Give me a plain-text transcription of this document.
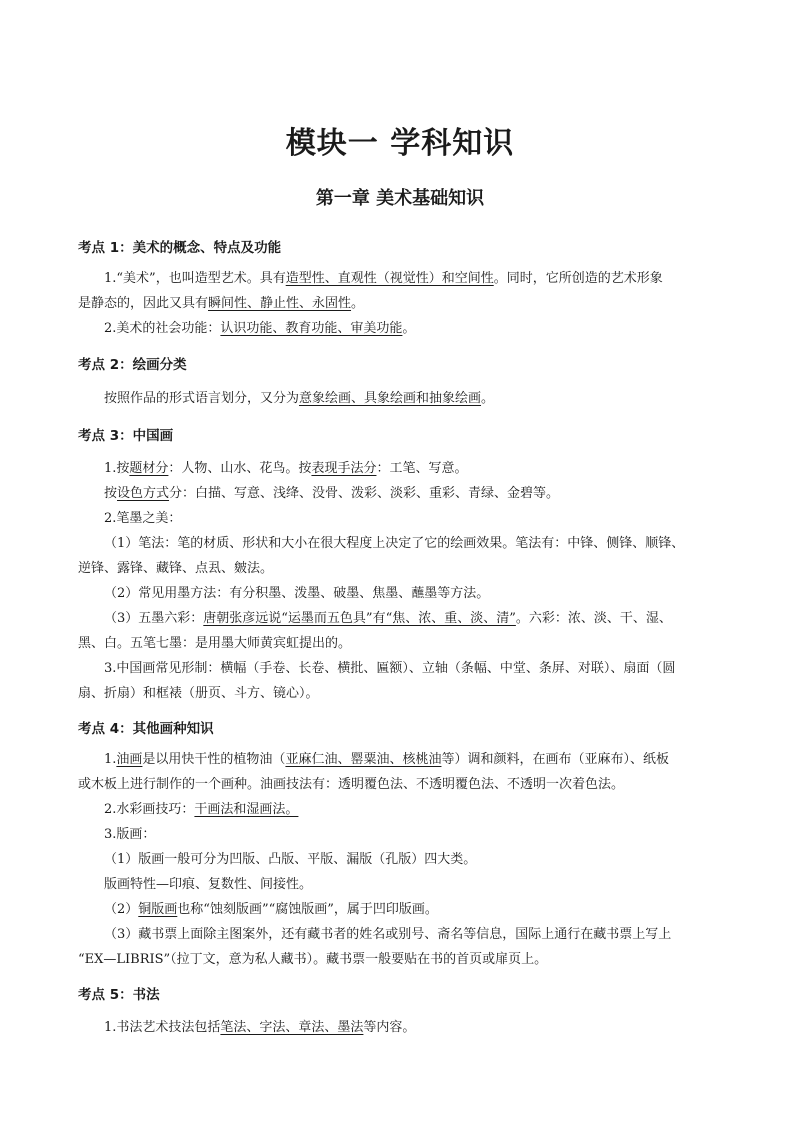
模块一 学科知识
第一章 美术基础知识
考点 1：美术的概念、特点及功能
1.“美术”，也叫造型艺术。具有造型性、直观性（视觉性）和空间性。同时，它所创造的艺术形象
是静态的，因此又具有瞬间性、静止性、永固性。
2.美术的社会功能：认识功能、教育功能、审美功能。
考点 2：绘画分类
按照作品的形式语言划分，又分为意象绘画、具象绘画和抽象绘画。
考点 3：中国画
1.按题材分：人物、山水、花鸟。按表现手法分：工笔、写意。
按设色方式分：白描、写意、浅绛、没骨、泼彩、淡彩、重彩、青绿、金碧等。
2.笔墨之美：
（1）笔法：笔的材质、形状和大小在很大程度上决定了它的绘画效果。笔法有：中锋、侧锋、顺锋、
逆锋、露锋、藏锋、点厾、皴法。
（2）常见用墨方法：有分积墨、泼墨、破墨、焦墨、蘸墨等方法。
（3）五墨六彩：唐朝张彦远说“运墨而五色具”有“焦、浓、重、淡、清”。六彩：浓、淡、干、湿、
黑、白。五笔七墨：是用墨大师黄宾虹提出的。
3.中国画常见形制：横幅（手卷、长卷、横批、匾额）、立轴（条幅、中堂、条屏、对联）、扇面（圆
扇、折扇）和框裱（册页、斗方、镜心）。
考点 4：其他画种知识
1.油画是以用快干性的植物油（亚麻仁油、罂粟油、核桃油等）调和颜料，在画布（亚麻布）、纸板
或木板上进行制作的一个画种。油画技法有：透明覆色法、不透明覆色法、不透明一次着色法。
2.水彩画技巧：干画法和湿画法。
3.版画：
（1）版画一般可分为凹版、凸版、平版、漏版（孔版）四大类。
版画特性—印痕、复数性、间接性。
（2）铜版画也称“蚀刻版画”“腐蚀版画”，属于凹印版画。
（3）藏书票上面除主图案外，还有藏书者的姓名或别号、斋名等信息，国际上通行在藏书票上写上
“EX—LIBRIS”（拉丁文，意为私人藏书）。藏书票一般要贴在书的首页或扉页上。
考点 5：书法
1.书法艺术技法包括笔法、字法、章法、墨法等内容。
